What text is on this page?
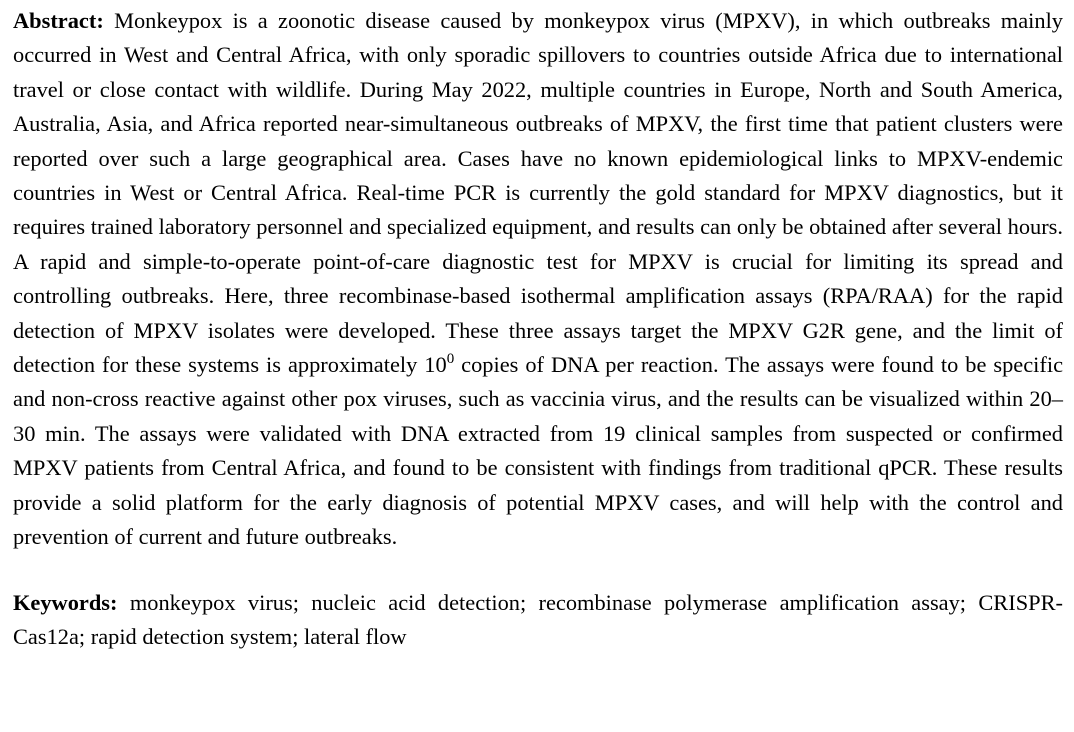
Abstract: Monkeypox is a zoonotic disease caused by monkeypox virus (MPXV), in which outbreaks mainly occurred in West and Central Africa, with only sporadic spillovers to countries outside Africa due to international travel or close contact with wildlife. During May 2022, multiple countries in Europe, North and South America, Australia, Asia, and Africa reported near-simultaneous outbreaks of MPXV, the first time that patient clusters were reported over such a large geographical area. Cases have no known epidemiological links to MPXV-endemic countries in West or Central Africa. Real-time PCR is currently the gold standard for MPXV diagnostics, but it requires trained laboratory personnel and specialized equipment, and results can only be obtained after several hours. A rapid and simple-to-operate point-of-care diagnostic test for MPXV is crucial for limiting its spread and controlling outbreaks. Here, three recombinase-based isothermal amplification assays (RPA/RAA) for the rapid detection of MPXV isolates were developed. These three assays target the MPXV G2R gene, and the limit of detection for these systems is approximately $10^0$ copies of DNA per reaction. The assays were found to be specific and non-cross reactive against other pox viruses, such as vaccinia virus, and the results can be visualized within 20–30 min. The assays were validated with DNA extracted from 19 clinical samples from suspected or confirmed MPXV patients from Central Africa, and found to be consistent with findings from traditional qPCR. These results provide a solid platform for the early diagnosis of potential MPXV cases, and will help with the control and prevention of current and future outbreaks.

Keywords: monkeypox virus; nucleic acid detection; recombinase polymerase amplification assay; CRISPR-Cas12a; rapid detection system; lateral flow
